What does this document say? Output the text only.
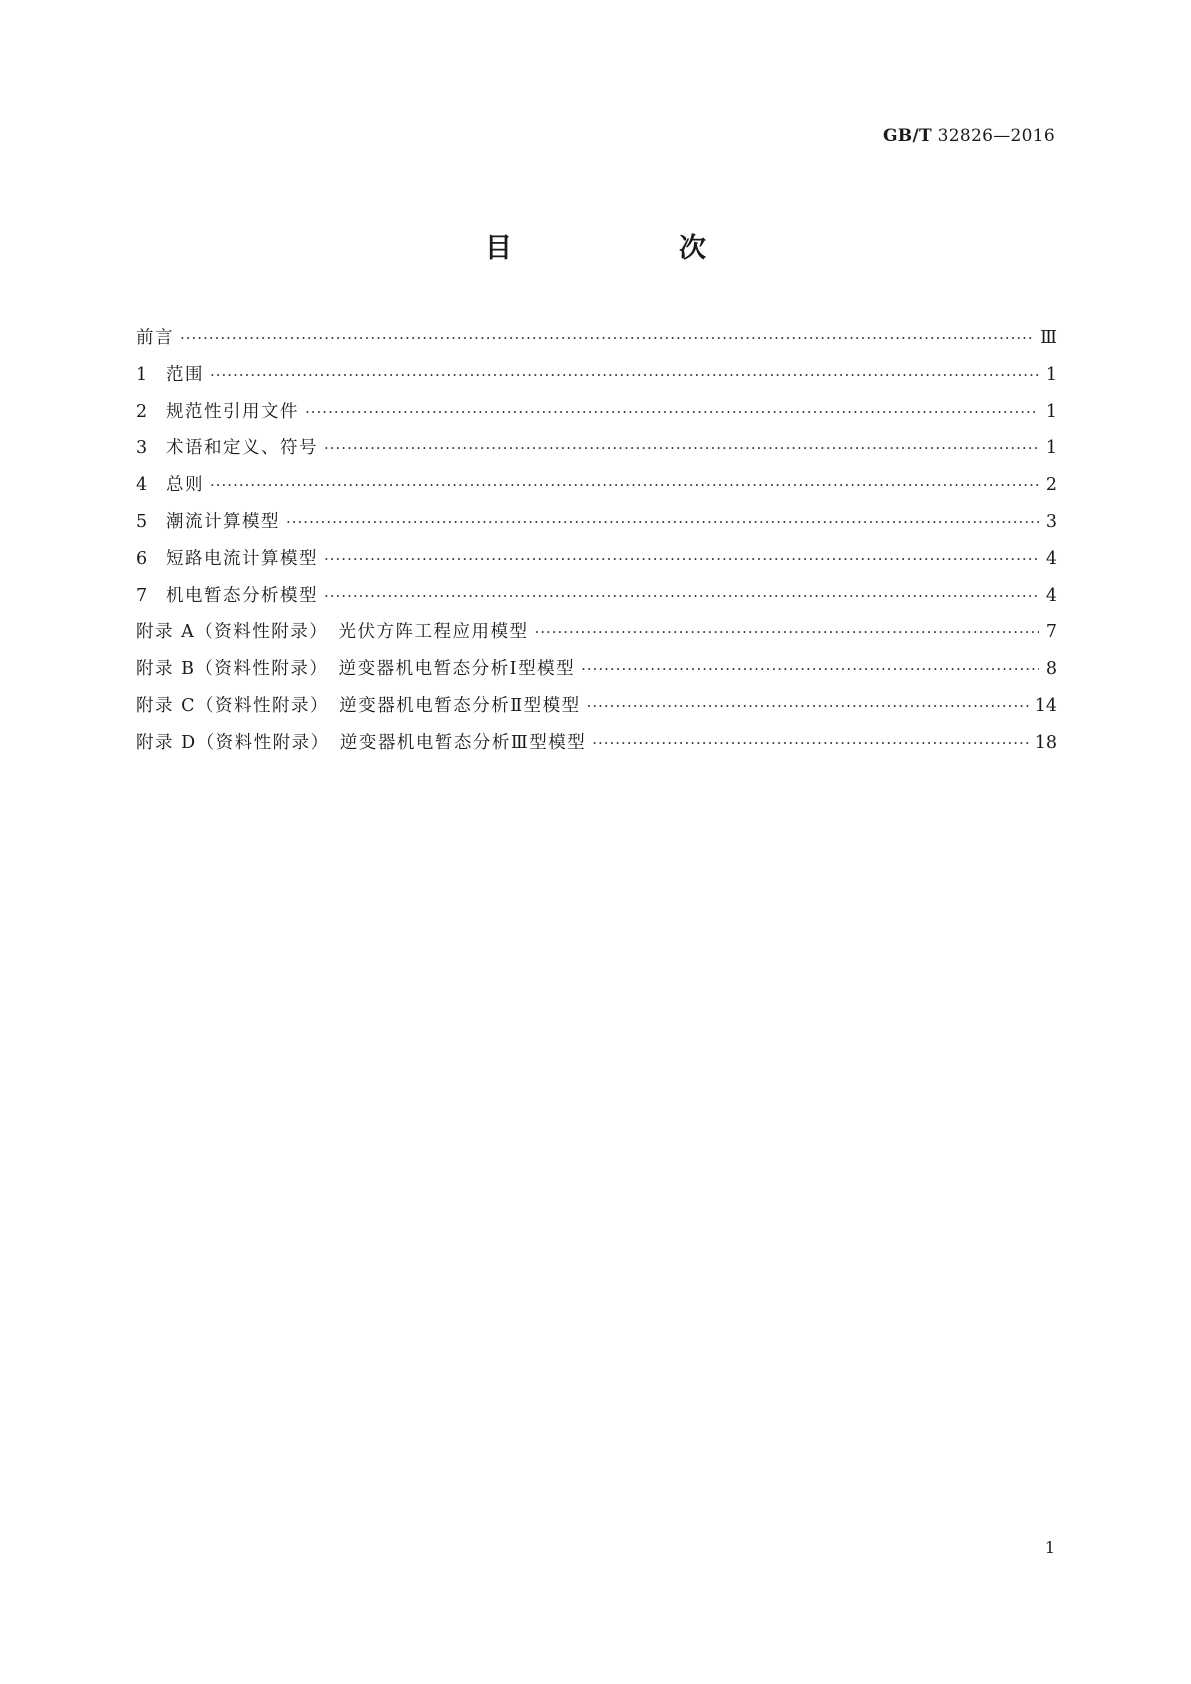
GB/T 32826—2016
目　次
前言 ·····	Ⅲ
1	范围 ·····	1
2	规范性引用文件 ·····	1
3	术语和定义、符号 ·····	1
4	总则 ·····	2
5	潮流计算模型 ·····	3
6	短路电流计算模型 ·····	4
7	机电暂态分析模型 ·····	4
附录 A（资料性附录）　光伏方阵工程应用模型 ·····	7
附录 B（资料性附录）　逆变器机电暂态分析Ⅰ型模型 ·····	8
附录 C（资料性附录）　逆变器机电暂态分析Ⅱ型模型 ·····	14
附录 D（资料性附录）　逆变器机电暂态分析Ⅲ型模型 ·····	18
1
